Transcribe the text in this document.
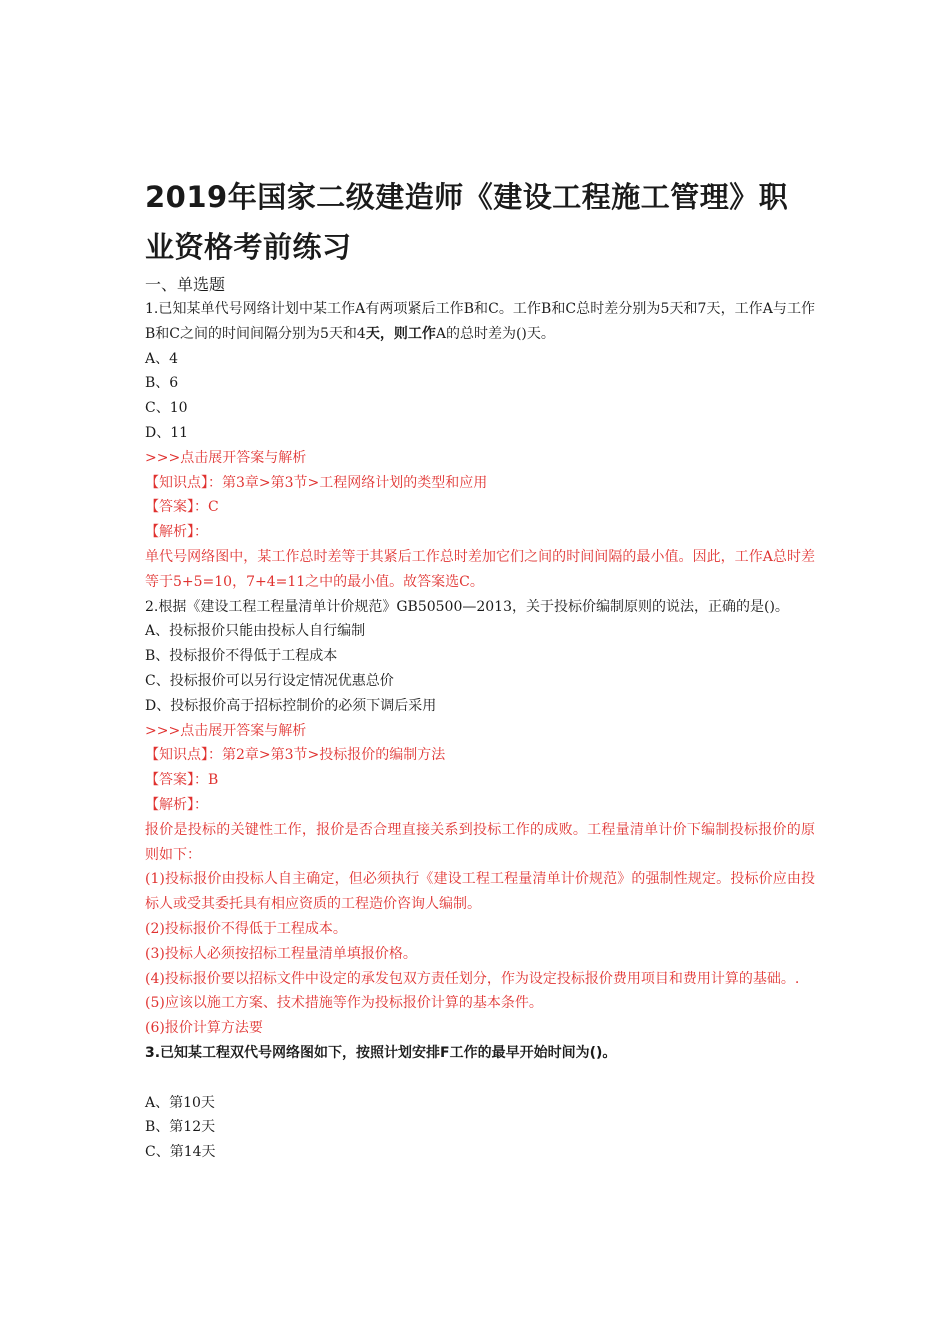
2019年国家二级建造师《建设工程施工管理》职业资格考前练习
一、单选题
1.已知某单代号网络计划中某工作A有两项紧后工作B和C。工作B和C总时差分别为5天和7天，工作A与工作B和C之间的时间间隔分别为5天和4天，则工作A的总时差为()天。
A、4
B、6
C、10
D、11
>>>点击展开答案与解析
【知识点】：第3章>第3节>工程网络计划的类型和应用
【答案】：C
【解析】：
单代号网络图中，某工作总时差等于其紧后工作总时差加它们之间的时间间隔的最小值。因此，工作A总时差等于5+5=10，7+4=11之中的最小值。故答案选C。
2.根据《建设工程工程量清单计价规范》GB50500—2013，关于投标价编制原则的说法，正确的是()。
A、投标报价只能由投标人自行编制
B、投标报价不得低于工程成本
C、投标报价可以另行设定情况优惠总价
D、投标报价高于招标控制价的必须下调后采用
>>>点击展开答案与解析
【知识点】：第2章>第3节>投标报价的编制方法
【答案】：B
【解析】：
报价是投标的关键性工作，报价是否合理直接关系到投标工作的成败。工程量清单计价下编制投标报价的原则如下：
(1)投标报价由投标人自主确定，但必须执行《建设工程工程量清单计价规范》的强制性规定。投标价应由投标人或受其委托具有相应资质的工程造价咨询人编制。
(2)投标报价不得低于工程成本。
(3)投标人必须按招标工程量清单填报价格。
(4)投标报价要以招标文件中设定的承发包双方责任划分，作为设定投标报价费用项目和费用计算的基础。.
(5)应该以施工方案、技术措施等作为投标报价计算的基本条件。
(6)报价计算方法要
3.已知某工程双代号网络图如下，按照计划安排F工作的最早开始时间为()。
A、第10天
B、第12天
C、第14天
